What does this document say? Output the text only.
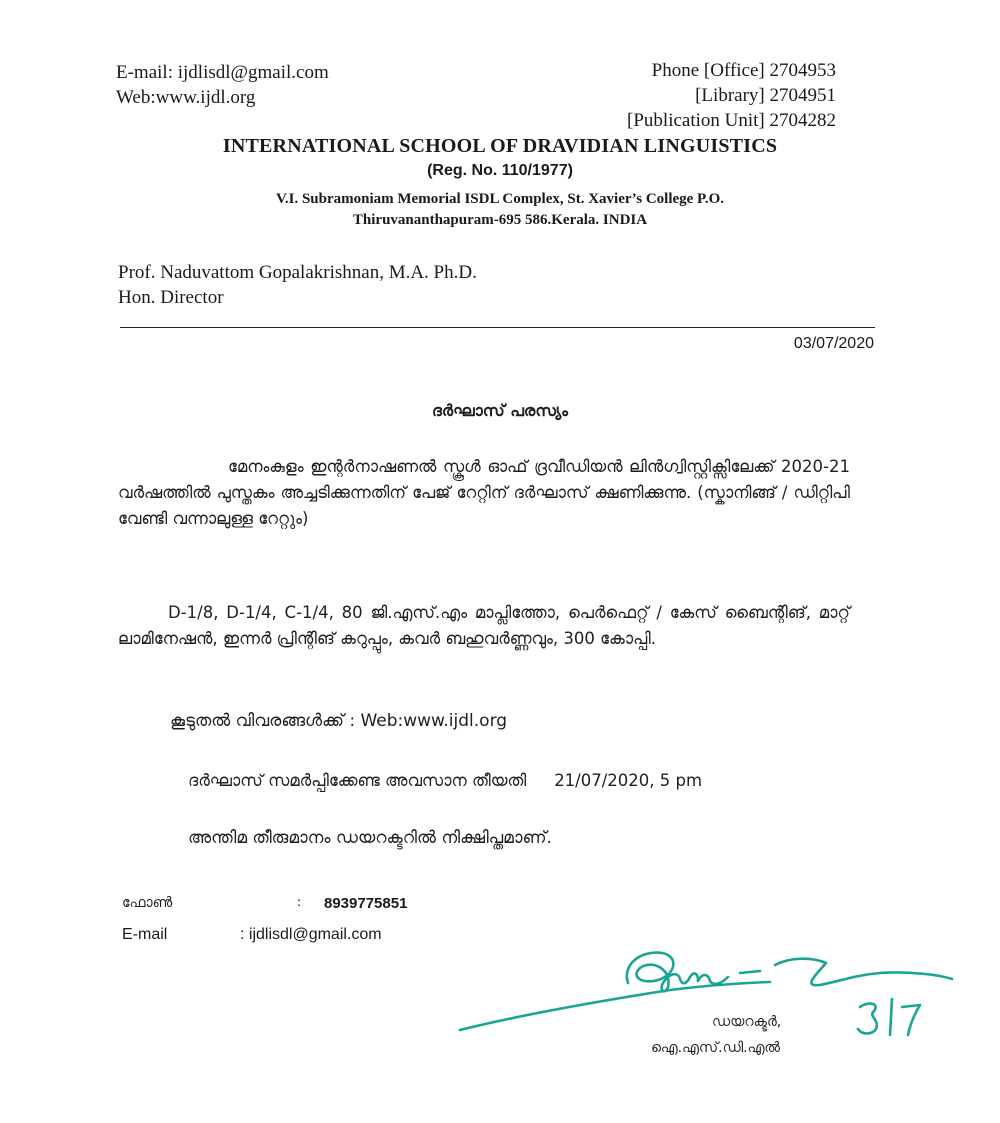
E-mail: ijdlisdl@gmail.com
Web:www.ijdl.org
Phone [Office] 2704953
[Library] 2704951
[Publication Unit] 2704282
INTERNATIONAL SCHOOL OF DRAVIDIAN LINGUISTICS
(Reg. No. 110/1977)
V.I. Subramoniam Memorial ISDL Complex, St. Xavier’s College P.O.
Thiruvananthapuram-695 586.Kerala. INDIA
Prof. Naduvattom Gopalakrishnan, M.A. Ph.D.
Hon. Director
03/07/2020
ദർഘാസ് പരസ്യം
മേനംകുളം ഇന്റർനാഷണൽ സ്കൂൾ ഓഫ് ദ്രവീഡിയൻ ലിൻഗ്വിസ്റ്റിക്സിലേക്ക് 2020-21 വർഷത്തിൽ പുസ്തകം അച്ചടിക്കുന്നതിന് പേജ് റേറ്റിന് ദർഘാസ് ക്ഷണിക്കുന്നു. (സ്കാനിങ്ങ് / ഡിറ്റിപി വേണ്ടി വന്നാലുള്ള റേറ്റും)
D-1/8, D-1/4, C-1/4, 80 ജി.എസ്.എം മാപ്ലിത്തോ, പെർഫെറ്റ് / കേസ് ബൈന്റിങ്, മാറ്റ് ലാമിനേഷൻ, ഇന്നർ പ്രിന്റിങ് കറുപ്പും, കവർ ബഹുവർണ്ണവും, 300 കോപ്പി.
കൂടുതൽ വിവരങ്ങൾക്ക് : Web:www.ijdl.org
ദർഘാസ് സമർപ്പിക്കേണ്ട അവസാന തീയതി 21/07/2020, 5 pm
അന്തിമ തീരുമാനം ഡയറക്ടറിൽ നിക്ഷിപ്തമാണ്.
ഫോൺ	: 8939775851
E-mail	: ijdlisdl@gmail.com
ഡയറക്ടർ,
ഐ.എസ്.ഡി.എൽ
